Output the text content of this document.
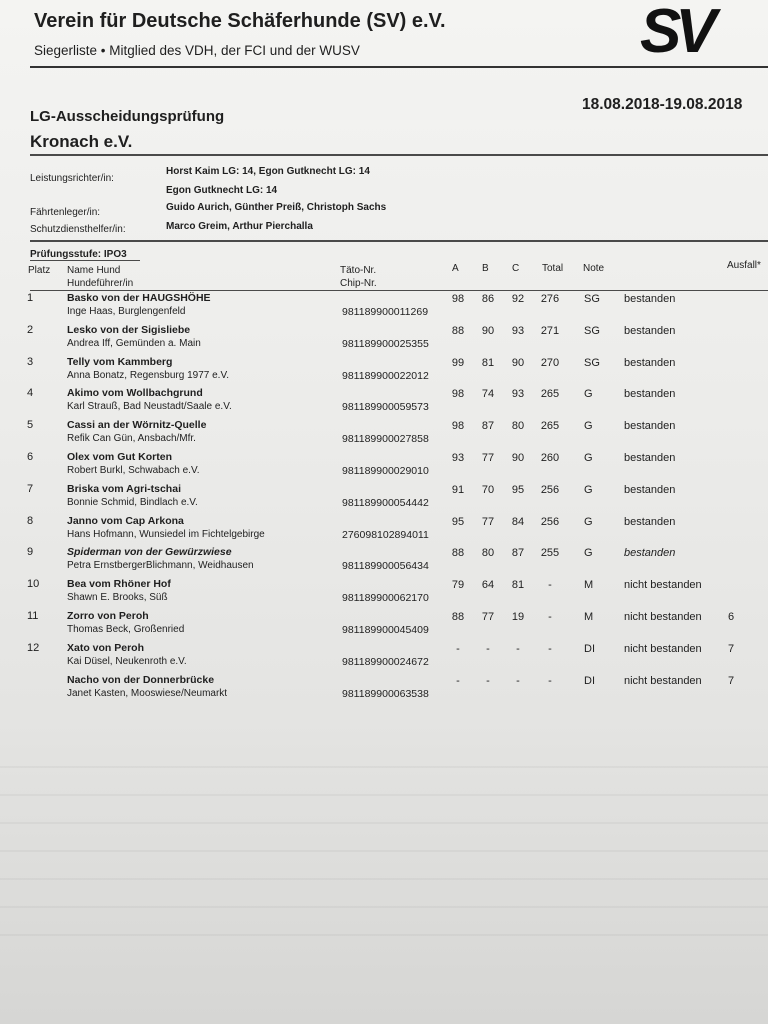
Verein für Deutsche Schäferhunde (SV) e.V.
Siegerliste • Mitglied des VDH, der FCI und der WUSV	SV
LG-Ausscheidungsprüfung
18.08.2018-19.08.2018
Kronach e.V.
Leistungsrichter/in:
Horst Kaim LG: 14, Egon Gutknecht LG: 14
Egon Gutknecht LG: 14
Fährtenleger/in:	Guido Aurich, Günther Preiß, Christoph Sachs
Schutzdiensthelfer/in:	Marco Greim, Arthur Pierchalla
Prüfungsstufe: IPO3
Platz Name Hund
Hundeführer/in
Täto-Nr.
Chip-Nr.
A B C Total Note	Ausfall*
1	Basko von der HAUGSHÖHE
Inge Haas, Burglengenfeld	981189900011269
98	86	92	276 SG bestanden
2	Lesko von der Sigisliebe
Andrea Iff, Gemünden a. Main	981189900025355
88	90	93	271 SG bestanden
3	Telly vom Kammberg
Anna Bonatz, Regensburg 1977 e.V.	981189900022012
99	81	90	270 SG bestanden
4	Akimo vom Wollbachgrund
Karl Strauß, Bad Neustadt/Saale e.V.	981189900059573
98	74	93	265 G	bestanden
5	Cassi an der Wörnitz-Quelle
Refik Can Gün, Ansbach/Mfr.	981189900027858
98	87	80	265 G	bestanden
6	Olex vom Gut Korten
Robert Burkl, Schwabach e.V.	981189900029010
93	77	90	260 G	bestanden
7	Briska vom Agri-tschai
Bonnie Schmid, Bindlach e.V.	981189900054442
91	70	95	256 G	bestanden
8	Janno vom Cap Arkona
Hans Hofmann, Wunsiedel im Fichtelgebirge	276098102894011
95	77	84	256 G	bestanden
9	Spiderman von der Gewürzwiese
Petra ErnstbergerBlichmann, Weidhausen	981189900056434
88	80	87	255 G	bestanden
10	Bea vom Rhöner Hof
Shawn E. Brooks, Süß	981189900062170
79	64	81	-	M	nicht bestanden
11	Zorro von Peroh
Thomas Beck, Großenried	981189900045409
88	77	19	-	M	nicht bestanden 6
12	Xato von Peroh
Kai Düsel, Neukenroth e.V.	981189900024672
-	-	-	-	DI	nicht bestanden 7
Nacho von der Donnerbrücke
Janet Kasten, Mooswiese/Neumarkt	981189900063538
-	-	-	-	DI	nicht bestanden 7
